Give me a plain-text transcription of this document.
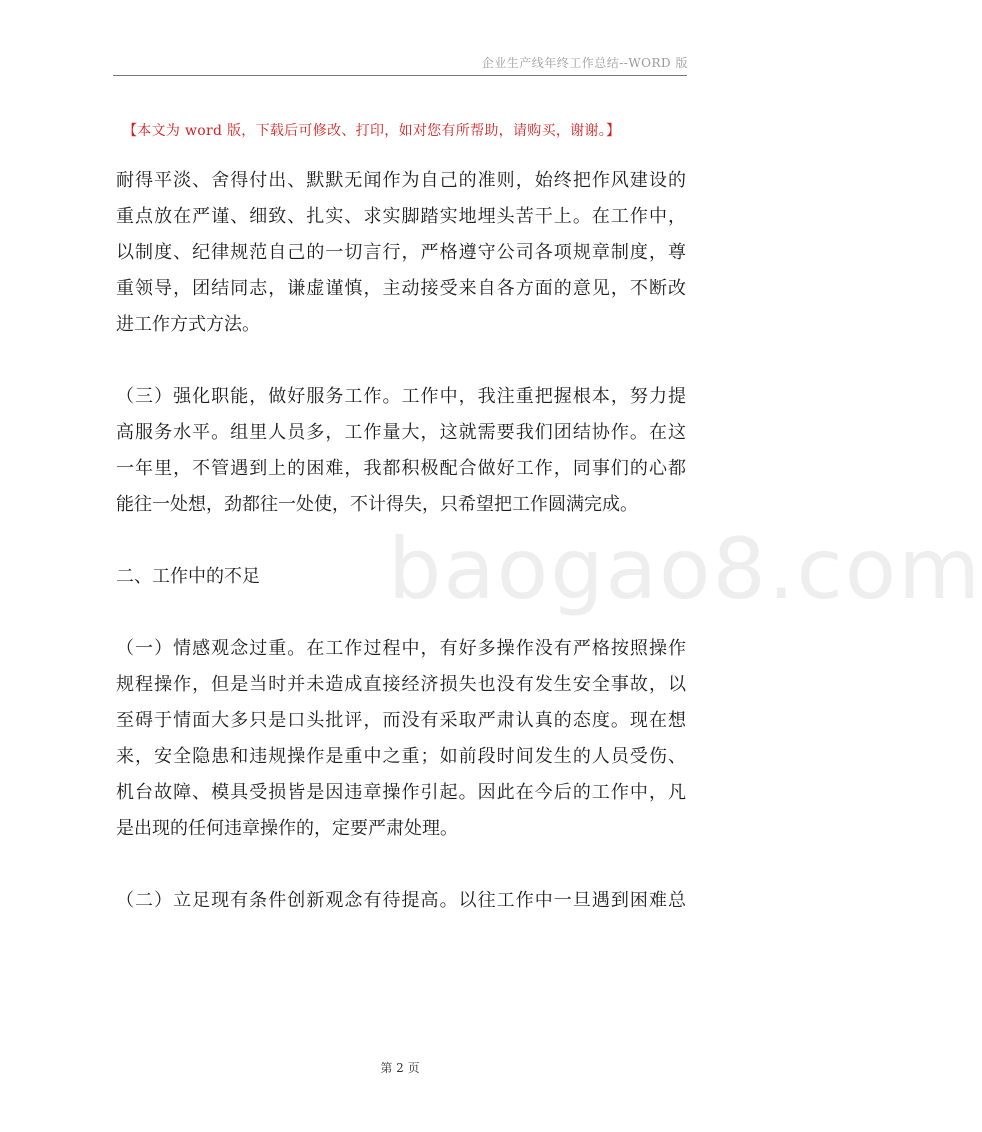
企业生产线年终工作总结--WORD 版
【本文为 word 版，下载后可修改、打印，如对您有所帮助，请购买，谢谢。】
baogao8.com
耐得平淡、舍得付出、默默无闻作为自己的准则，始终把作风建设的
重点放在严谨、细致、扎实、求实脚踏实地埋头苦干上。在工作中，
以制度、纪律规范自己的一切言行，严格遵守公司各项规章制度，尊
重领导，团结同志，谦虚谨慎，主动接受来自各方面的意见，不断改
进工作方式方法。
（三）强化职能，做好服务工作。工作中，我注重把握根本，努力提
高服务水平。组里人员多，工作量大，这就需要我们团结协作。在这
一年里，不管遇到上的困难，我都积极配合做好工作，同事们的心都
能往一处想，劲都往一处使，不计得失，只希望把工作圆满完成。
二、工作中的不足
（一）情感观念过重。在工作过程中，有好多操作没有严格按照操作
规程操作，但是当时并未造成直接经济损失也没有发生安全事故，以
至碍于情面大多只是口头批评，而没有采取严肃认真的态度。现在想
来，安全隐患和违规操作是重中之重；如前段时间发生的人员受伤、
机台故障、模具受损皆是因违章操作引起。因此在今后的工作中，凡
是出现的任何违章操作的，定要严肃处理。
（二）立足现有条件创新观念有待提高。以往工作中一旦遇到困难总
第 2 页
